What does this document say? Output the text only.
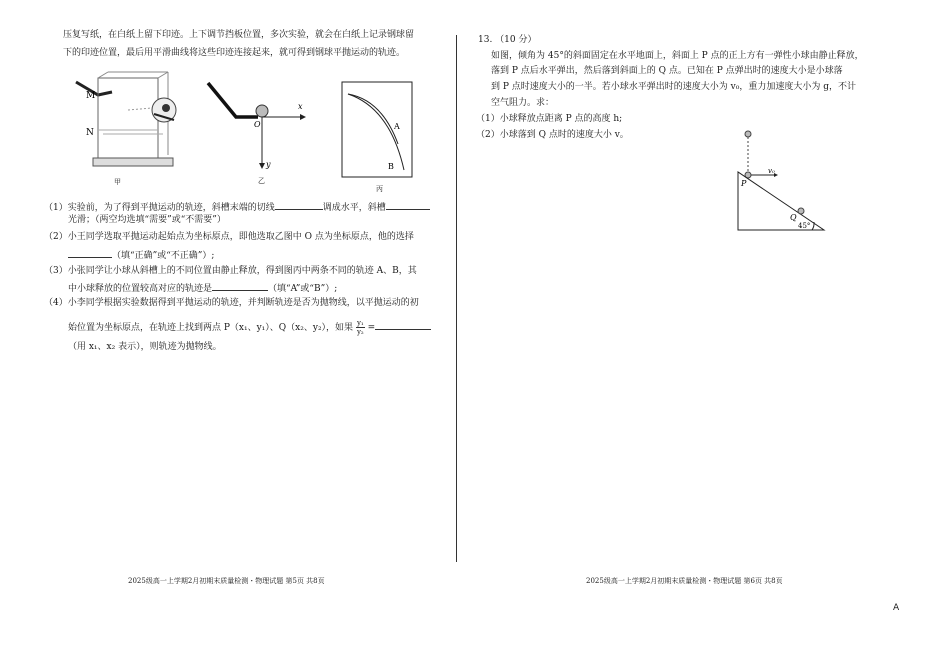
压复写纸，在白纸上留下印迹。上下调节挡板位置，多次实验，就会在白纸上记录钢球留
下的印迹位置，最后用平滑曲线将这些印迹连接起来，就可得到钢球平抛运动的轨迹。
M
N
甲
x
y
O
乙
A
B
丙
（1）实验前，为了得到平抛运动的轨迹，斜槽末端的切线	调成水平，斜槽
光滑；（两空均选填“需要”或“不需要”）
（2）小王同学选取平抛运动起始点为坐标原点，即他选取乙图中 O 点为坐标原点，他的选择
（填“正确”或“不正确”）;
（3）小张同学让小球从斜槽上的不同位置由静止释放，得到图丙中两条不同的轨迹 A、B，其
中小球释放的位置较高对应的轨迹是	（填“A”或“B”）;
（4）小李同学根据实验数据得到平抛运动的轨迹，并判断轨迹是否为抛物线，以平抛运动的初
始位置为坐标原点，在轨迹上找到两点 P（x₁、y₁）、Q（x₂、y₂），如果 $\frac{\text{y₁}}{\text{y₂}}$ =
（用 x₁、x₂ 表示），则轨迹为抛物线。
2025级高一上学期2月初期末质量检测・物理试题 第5页 共8页
13. （10 分）
如图，倾角为 45°的斜面固定在水平地面上，斜面上 P 点的正上方有一弹性小球由静止释放，
落到 P 点后水平弹出，然后落到斜面上的 Q 点。已知在 P 点弹出时的速度大小是小球落
到 P 点时速度大小的一半。若小球水平弹出时的速度大小为 v₀，重力加速度大小为 g，不计
空气阻力。求：
（1）小球释放点距离 P 点的高度 h;
（2）小球落到 Q 点时的速度大小 v。
P
Q
v₀
45°
2025级高一上学期2月初期末质量检测・物理试题 第6页 共8页
A
